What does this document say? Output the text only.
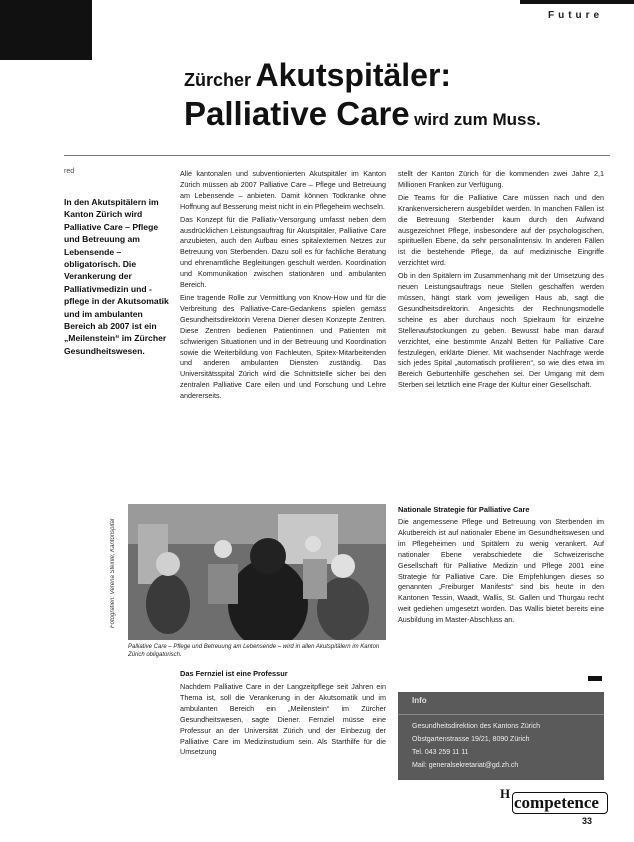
Future
Zürcher Akutspitäler:
Palliative Care wird zum Muss.
red
In den Akutspitälern im Kanton Zürich wird Palliative Care – Pflege und Betreuung am Lebensende – obligatorisch. Die Verankerung der Palliativmedizin und -pflege in der Akutsomatik und im ambulanten Bereich ab 2007 ist ein „Meilenstein“ im Zürcher Gesundheitswesen.

Alle kantonalen und subventionierten Akutspitäler im Kanton Zürich müssen ab 2007 Palliative Care – Pflege und Betreuung am Lebensende – anbieten. Damit können Todkranke ohne Hoffnung auf Besserung meist nicht in ein Pflegeheim wechseln.

Das Konzept für die Palliativ-Versorgung umfasst neben dem ausdrücklichen Leistungsauftrag für Akutspitäler, Palliative Care anzubieten, auch den Aufbau eines spitalexternen Netzes zur Betreuung von Sterbenden. Dazu soll es für fachliche Beratung und ehrenamtliche Begleitungen geschult werden. Koordination und Kommunikation zwischen stationären und ambulanten Bereich.

Eine tragende Rolle zur Vermittlung von Know-How und für die Verbreitung des Palliative-Care-Gedankens spielen gemäss Gesundheitsdirektorin Verena Diener diesen Konzepte Zentren. Diese Zentren bedienen Patientinnen und Patienten mit schwierigen Situationen und in der Betreuung und Koordination sowie die Weiterbildung von Fachleuten, Spitex-Mitarbeitenden und anderen ambulanten Diensten zuständig. Das Universitätsspital Zürich wird die Schnittstelle sicher bei den zentralen Palliative Care eilen und und Forschung und Lehre andererseits.

stellt der Kanton Zürich für die kommenden zwei Jahre 2,1 Millionen Franken zur Verfügung.

Die Teams für die Palliative Care müssen nach und den Krankenversicherern ausgebildet werden. In manchen Fällen ist die Betreuung Sterbender kaum durch den Aufwand ausgezeichnet Pflege, insbesondere auf der psychologischen, spirituellen Ebene, da sehr personalintensiv. In anderen Fällen ist die bestehende Pflege, da auf medizinische Eingriffe verzichtet wird.

Ob in den Spitälern im Zusammenhang mit der Umsetzung des neuen Leistungsauftrags neue Stellen geschaffen werden müssen, hängt stark vom jeweiligen Haus ab, sagt die Gesundheitsdirektorin. Angesichts der Rechnungsmodelle scheine es aber durchaus noch Spielraum für einzelne Stellenaufstockungen zu geben. Bewusst habe man darauf verzichtet, eine bestimmte Anzahl Betten für Palliative Care festzulegen, erklärte Diener. Mit wachsender Nachfrage werde sich jedes Spital „automatisch profilieren“, so wie dies etwa im Bereich Geburtenhilfe geschehen sei. Der Umgang mit dem Sterben sei letztlich eine Frage der Kultur einer Gesellschaft.

Fotografien: Verena Steinle, Kantonspital
Palliative Care – Pflege und Betreuung am Lebensende – wird in allen Akutspitälern im Kanton Zürich obligatorisch.
Das Fernziel ist eine Professur

Nachdem Palliative Care in der Langzeitpflege seit Jahren ein Thema ist, soll die Verankerung in der Akutsomatik und im ambulanten Bereich ein „Meilenstein“ im Zürcher Gesundheitswesen, sagte Diener. Fernziel müsse eine Professur an der Universität Zürich und der Einbezug der Palliative Care im Medizinstudium sein. Als Starthilfe für die Umsetzung

Nationale Strategie für Palliative Care

Die angemessene Pflege und Betreuung von Sterbenden im Akutbereich ist auf nationaler Ebene im Gesundheitswesen und im Pflegeheimen und Spitälern zu wenig verankert. Auf nationaler Ebene verabschiedete die Schweizerische Gesellschaft für Palliative Medizin und Pflege 2001 eine Strategie für Palliative Care. Die Empfehlungen dieses so genannten „Freiburger Manifests“ sind bis heute in den Kantonen Tessin, Waadt, Wallis, St. Gallen und Thurgau recht weit gediehen umgesetzt worden. Das Wallis bietet bereits eine Ausbildung im Master-Abschluss an.

Info
Gesundheitsdirektion des Kantons Zürich
Obstgartenstrasse 19/21, 8090 Zürich
Tel. 043 259 11 11
Mail: generalsekretariat@gd.zh.ch
H competence
33
